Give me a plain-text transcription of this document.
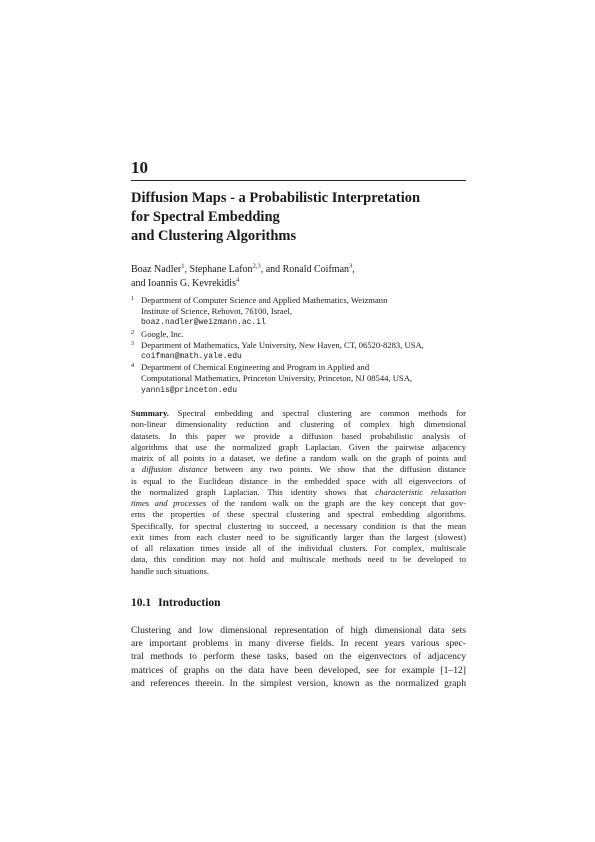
10
Diffusion Maps - a Probabilistic Interpretation
for Spectral Embedding
and Clustering Algorithms
Boaz Nadler$^1$, Stephane Lafon$^{2,3}$, and Ronald Coifman$^3$,
and Ioannis G. Kevrekidis$^4$
1 Department of Computer Science and Applied Mathematics, Weizmann
Institute of Science, Rehovot, 76100, Israel,
boaz.nadler@weizmann.ac.il
2 Google, Inc.
3 Department of Mathematics, Yale University, New Haven, CT, 06520-8283, USA,
coifman@math.yale.edu
4 Department of Chemical Engineering and Program in Applied and
Computational Mathematics, Princeton University, Princeton, NJ 08544, USA,
yannis@princeton.edu
Summary. Spectral embedding and spectral clustering are common methods for
non-linear dimensionality reduction and clustering of complex high dimensional
datasets. In this paper we provide a diffusion based probabilistic analysis of
algorithms that use the normalized graph Laplacian. Given the pairwise adjacency
matrix of all points in a dataset, we define a random walk on the graph of points and
a diffusion distance between any two points. We show that the diffusion distance
is equal to the Euclidean distance in the embedded space with all eigenvectors of
the normalized graph Laplacian. This identity shows that characteristic relaxation
times and processes of the random walk on the graph are the key concept that gov-
erns the properties of these spectral clustering and spectral embedding algorithms.
Specifically, for spectral clustering to succeed, a necessary condition is that the mean
exit times from each cluster need to be significantly larger than the largest (slowest)
of all relaxation times inside all of the individual clusters. For complex, multiscale
data, this condition may not hold and multiscale methods need to be developed to
handle such situations.
10.1 Introduction
Clustering and low dimensional representation of high dimensional data sets
are important problems in many diverse fields. In recent years various spec-
tral methods to perform these tasks, based on the eigenvectors of adjacency
matrices of graphs on the data have been developed, see for example [1–12]
and references therein. In the simplest version, known as the normalized graph
